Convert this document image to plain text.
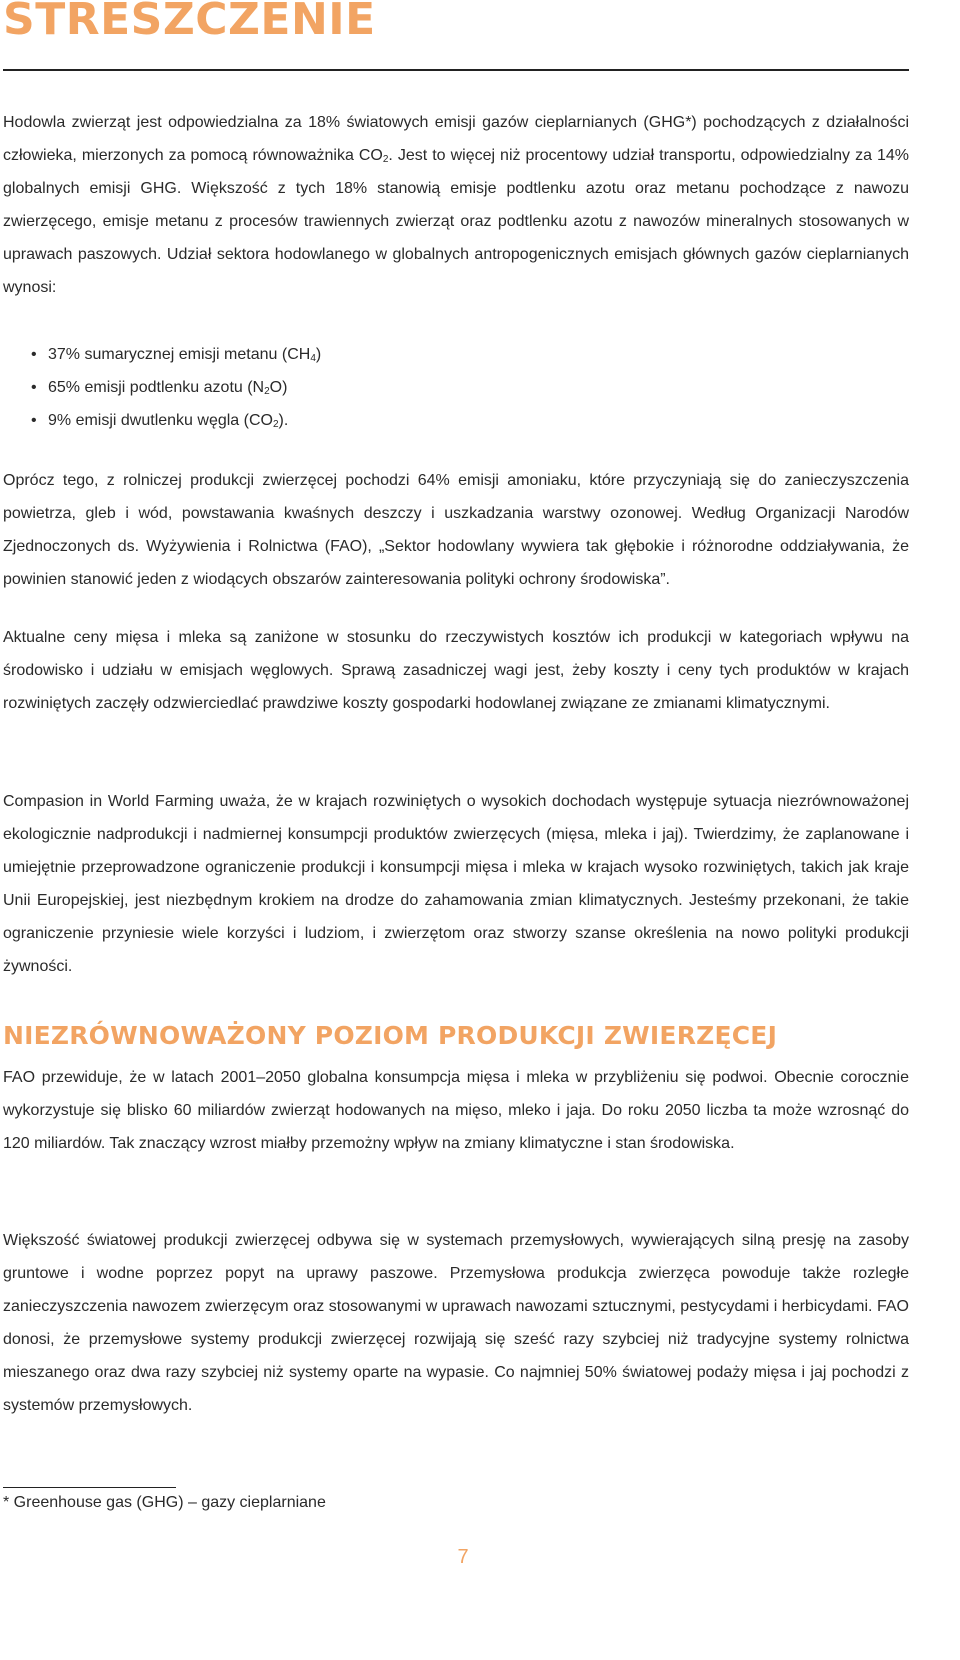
STRESZCZENIE

Hodowla zwierząt jest odpowiedzialna za 18% światowych emisji gazów cieplarnianych (GHG*) pochodzących z działalności człowieka, mierzonych za pomocą równoważnika $CO_2$. Jest to więcej niż procentowy udział transportu, odpowiedzialny za 14% globalnych emisji GHG. Większość z tych 18% stanowią emisje podtlenku azotu oraz metanu pochodzące z nawozu zwierzęcego, emisje metanu z procesów trawiennych zwierząt oraz podtlenku azotu z nawozów mineralnych stosowanych w uprawach paszowych. Udział sektora hodowlanego w globalnych antropogenicznych emisjach głównych gazów cieplarnianych wynosi:

• 37% sumarycznej emisji metanu $(CH_4)$
• 65% emisji podtlenku azotu $(N_2O)$
• 9% emisji dwutlenku węgla $(CO_2)$.

Oprócz tego, z rolniczej produkcji zwierzęcej pochodzi 64% emisji amoniaku, które przyczyniają się do zanieczyszczenia powietrza, gleb i wód, powstawania kwaśnych deszczy i uszkadzania warstwy ozonowej. Według Organizacji Narodów Zjednoczonych ds. Wyżywienia i Rolnictwa (FAO), „Sektor hodowlany wywiera tak głębokie i różnorodne oddziaływania, że powinien stanowić jeden z wiodących obszarów zainteresowania polityki ochrony środowiska”.

Aktualne ceny mięsa i mleka są zaniżone w stosunku do rzeczywistych kosztów ich produkcji w kategoriach wpływu na środowisko i udziału w emisjach węglowych. Sprawą zasadniczej wagi jest, żeby koszty i ceny tych produktów w krajach rozwiniętych zaczęły odzwierciedlać prawdziwe koszty gospodarki hodowlanej związane ze zmianami klimatycznymi.

Compasion in World Farming uważa, że w krajach rozwiniętych o wysokich dochodach występuje sytuacja niezrównoważonej ekologicznie nadprodukcji i nadmiernej konsumpcji produktów zwierzęcych (mięsa, mleka i jaj). Twierdzimy, że zaplanowane i umiejętnie przeprowadzone ograniczenie produkcji i konsumpcji mięsa i mleka w krajach wysoko rozwiniętych, takich jak kraje Unii Europejskiej, jest niezbędnym krokiem na drodze do zahamowania zmian klimatycznych. Jesteśmy przekonani, że takie ograniczenie przyniesie wiele korzyści i ludziom, i zwierzętom oraz stworzy szanse określenia na nowo polityki produkcji żywności.

NIEZRÓWNOWAŻONY POZIOM PRODUKCJI ZWIERZĘCEJ

FAO przewiduje, że w latach 2001–2050 globalna konsumpcja mięsa i mleka w przybliżeniu się podwoi. Obecnie corocznie wykorzystuje się blisko 60 miliardów zwierząt hodowanych na mięso, mleko i jaja. Do roku 2050 liczba ta może wzrosnąć do 120 miliardów. Tak znaczący wzrost miałby przemożny wpływ na zmiany klimatyczne i stan środowiska.

Większość światowej produkcji zwierzęcej odbywa się w systemach przemysłowych, wywierających silną presję na zasoby gruntowe i wodne poprzez popyt na uprawy paszowe. Przemysłowa produkcja zwierzęca powoduje także rozległe zanieczyszczenia nawozem zwierzęcym oraz stosowanymi w uprawach nawozami sztucznymi, pestycydami i herbicydami. FAO donosi, że przemysłowe systemy produkcji zwierzęcej rozwijają się sześć razy szybciej niż tradycyjne systemy rolnictwa mieszanego oraz dwa razy szybciej niż systemy oparte na wypasie. Co najmniej 50% światowej podaży mięsa i jaj pochodzi z systemów przemysłowych.

* Greenhouse gas (GHG) – gazy cieplarniane

7
